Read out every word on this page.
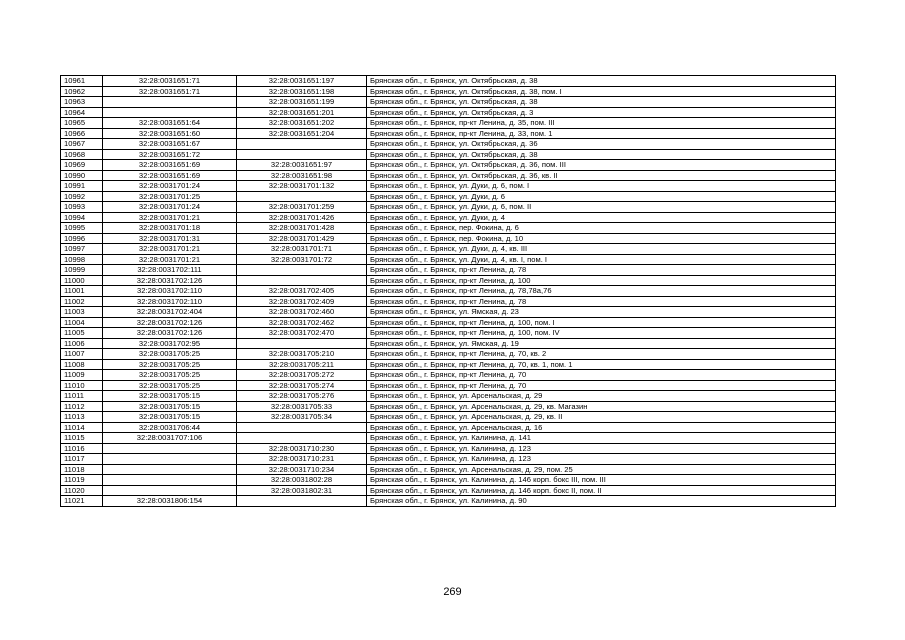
10961	32:28:0031651:71	32:28:0031651:197	Брянская обл., г. Брянск, ул. Октябрьская, д. 38
10962	32:28:0031651:71	32:28:0031651:198	Брянская обл., г. Брянск, ул. Октябрьская, д. 38, пом. I
10963		32:28:0031651:199	Брянская обл., г. Брянск, ул. Октябрьская, д. 38
10964		32:28:0031651:201	Брянская обл., г. Брянск, ул. Октябрьская, д. 3
10965	32:28:0031651:64	32:28:0031651:202	Брянская обл., г. Брянск, пр-кт Ленина, д. 35, пом. III
10966	32:28:0031651:60	32:28:0031651:204	Брянская обл., г. Брянск, пр-кт Ленина, д. 33, пом. 1
10967	32:28:0031651:67		Брянская обл., г. Брянск, ул. Октябрьская, д. 36
10968	32:28:0031651:72		Брянская обл., г. Брянск, ул. Октябрьская, д. 38
10969	32:28:0031651:69	32:28:0031651:97	Брянская обл., г. Брянск, ул. Октябрьская, д. 36, пом. III
10990	32:28:0031651:69	32:28:0031651:98	Брянская обл., г. Брянск, ул. Октябрьская, д. 36, кв. II
10991	32:28:0031701:24	32:28:0031701:132	Брянская обл., г. Брянск, ул. Дуки, д. 6, пом. I
10992	32:28:0031701:25		Брянская обл., г. Брянск, ул. Дуки, д. 6
10993	32:28:0031701:24	32:28:0031701:259	Брянская обл., г. Брянск, ул. Дуки, д. 6, пом. II
10994	32:28:0031701:21	32:28:0031701:426	Брянская обл., г. Брянск, ул. Дуки, д. 4
10995	32:28:0031701:18	32:28:0031701:428	Брянская обл., г. Брянск, пер. Фокина, д. 6
10996	32:28:0031701:31	32:28:0031701:429	Брянская обл., г. Брянск, пер. Фокина, д. 10
10997	32:28:0031701:21	32:28:0031701:71	Брянская обл., г. Брянск, ул. Дуки, д. 4, кв. III
10998	32:28:0031701:21	32:28:0031701:72	Брянская обл., г. Брянск, ул. Дуки, д. 4, кв. I, пом. I
10999	32:28:0031702:111		Брянская обл., г. Брянск, пр-кт Ленина, д. 78
11000	32:28:0031702:126		Брянская обл., г. Брянск, пр-кт Ленина, д. 100
11001	32:28:0031702:110	32:28:0031702:405	Брянская обл., г. Брянск, пр-кт Ленина, д. 78,78а,76
11002	32:28:0031702:110	32:28:0031702:409	Брянская обл., г. Брянск, пр-кт Ленина, д. 78
11003	32:28:0031702:404	32:28:0031702:460	Брянская обл., г. Брянск, ул. Ямская, д. 23
11004	32:28:0031702:126	32:28:0031702:462	Брянская обл., г. Брянск, пр-кт Ленина, д. 100, пом. I
11005	32:28:0031702:126	32:28:0031702:470	Брянская обл., г. Брянск, пр-кт Ленина, д. 100, пом. IV
11006	32:28:0031702:95		Брянская обл., г. Брянск, ул. Ямская, д. 19
11007	32:28:0031705:25	32:28:0031705:210	Брянская обл., г. Брянск, пр-кт Ленина, д. 70, кв. 2
11008	32:28:0031705:25	32:28:0031705:211	Брянская обл., г. Брянск, пр-кт Ленина, д. 70, кв. 1, пом. 1
11009	32:28:0031705:25	32:28:0031705:272	Брянская обл., г. Брянск, пр-кт Ленина, д. 70
11010	32:28:0031705:25	32:28:0031705:274	Брянская обл., г. Брянск, пр-кт Ленина, д. 70
11011	32:28:0031705:15	32:28:0031705:276	Брянская обл., г. Брянск, ул. Арсенальская, д. 29
11012	32:28:0031705:15	32:28:0031705:33	Брянская обл., г. Брянск, ул. Арсенальская, д. 29, кв. Магазин
11013	32:28:0031705:15	32:28:0031705:34	Брянская обл., г. Брянск, ул. Арсенальская, д. 29, кв. II
11014	32:28:0031706:44		Брянская обл., г. Брянск, ул. Арсенальская, д. 16
11015	32:28:0031707:106		Брянская обл., г. Брянск, ул. Калинина, д. 141
11016		32:28:0031710:230	Брянская обл., г. Брянск, ул. Калинина, д. 123
11017		32:28:0031710:231	Брянская обл., г. Брянск, ул. Калинина, д. 123
11018		32:28:0031710:234	Брянская обл., г. Брянск, ул. Арсенальская, д. 29, пом. 25
11019		32:28:0031802:28	Брянская обл., г. Брянск, ул. Калинина, д. 146 корп. бокс III, пом. III
11020		32:28:0031802:31	Брянская обл., г. Брянск, ул. Калинина, д. 146 корп. бокс II, пом. II
11021	32:28:0031806:154		Брянская обл., г. Брянск, ул. Калинина, д. 90
269
